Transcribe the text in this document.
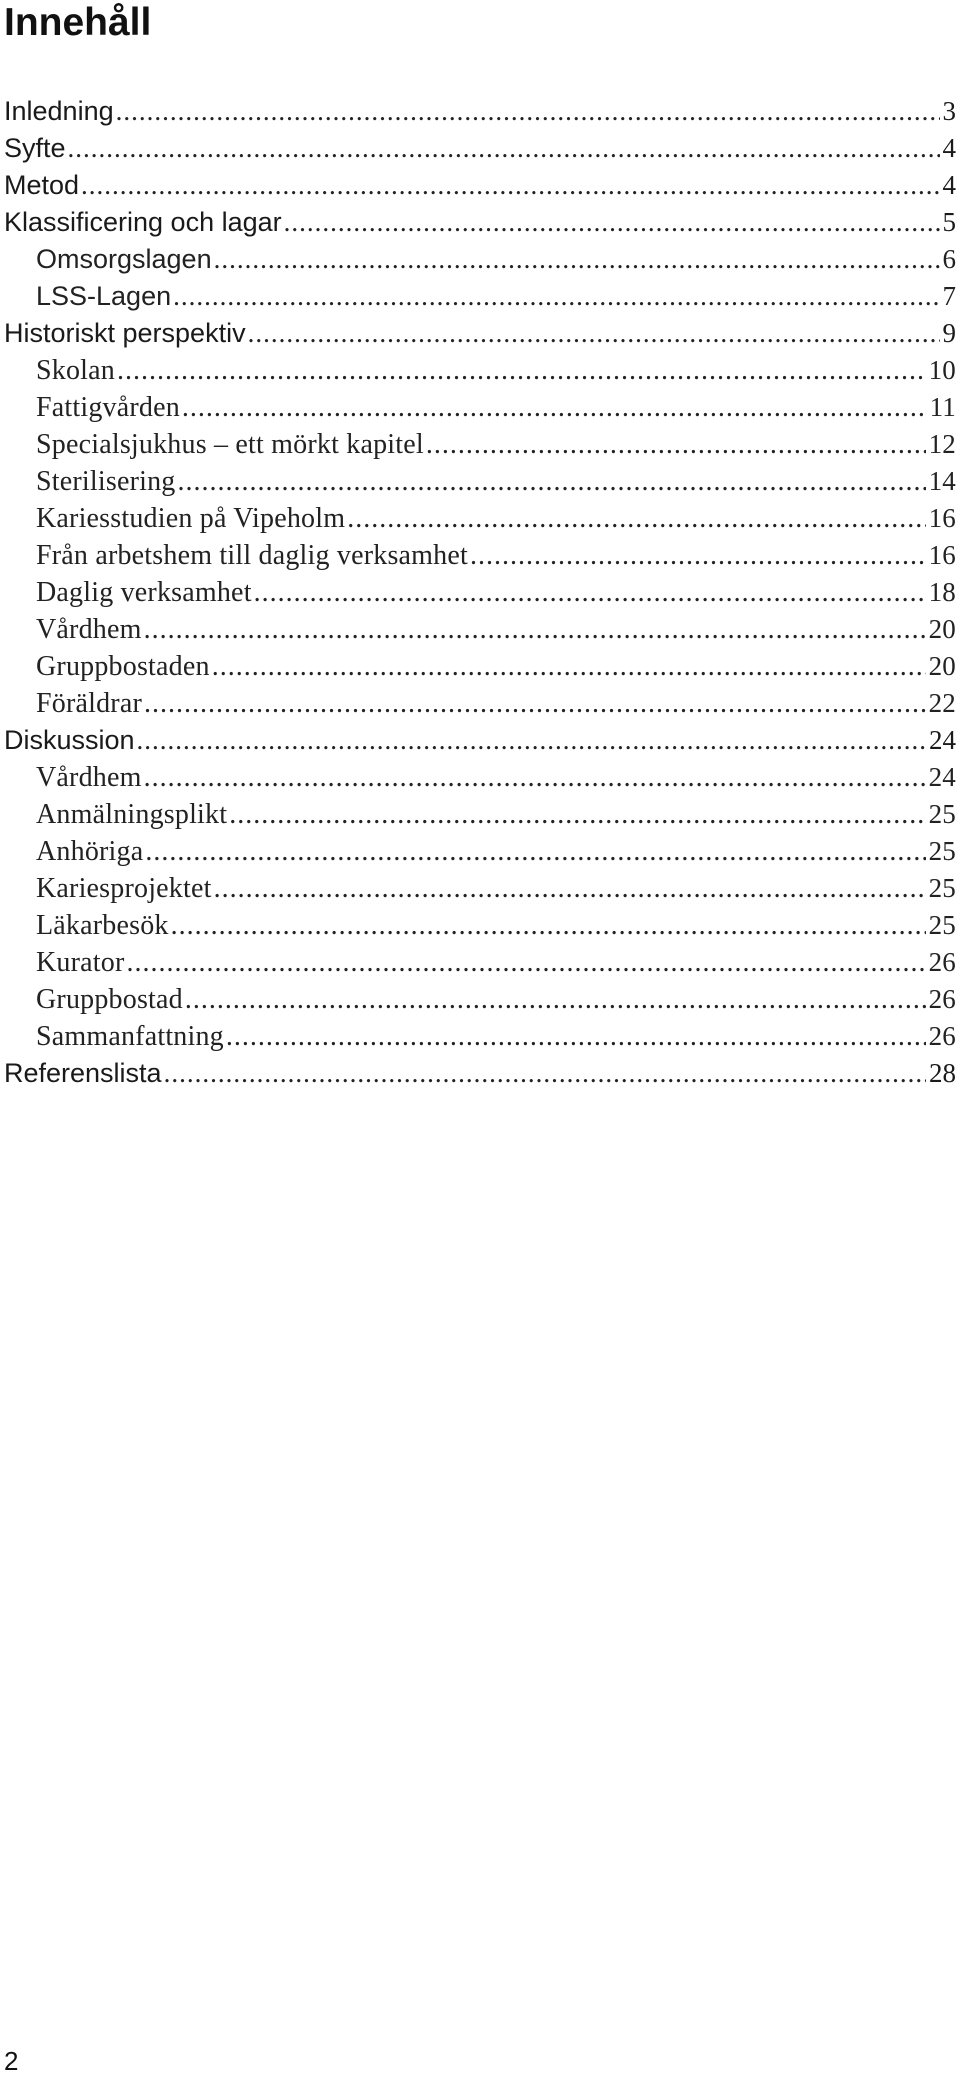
Innehåll
Inledning .....	3
Syfte .....	4
Metod .....	4
Klassificering och lagar .....	5
Omsorgslagen .....	6
LSS-Lagen .....	7
Historiskt perspektiv .....	9
Skolan .....	10
Fattigvården .....	11
Specialsjukhus – ett mörkt kapitel .....	12
Sterilisering .....	14
Kariesstudien på Vipeholm .....	16
Från arbetshem till daglig verksamhet .....	16
Daglig verksamhet .....	18
Vårdhem .....	20
Gruppbostaden .....	20
Föräldrar .....	22
Diskussion .....	24
Vårdhem .....	24
Anmälningsplikt .....	25
Anhöriga .....	25
Kariesprojektet .....	25
Läkarbesök .....	25
Kurator .....	26
Gruppbostad .....	26
Sammanfattning .....	26
Referenslista .....	28
2
